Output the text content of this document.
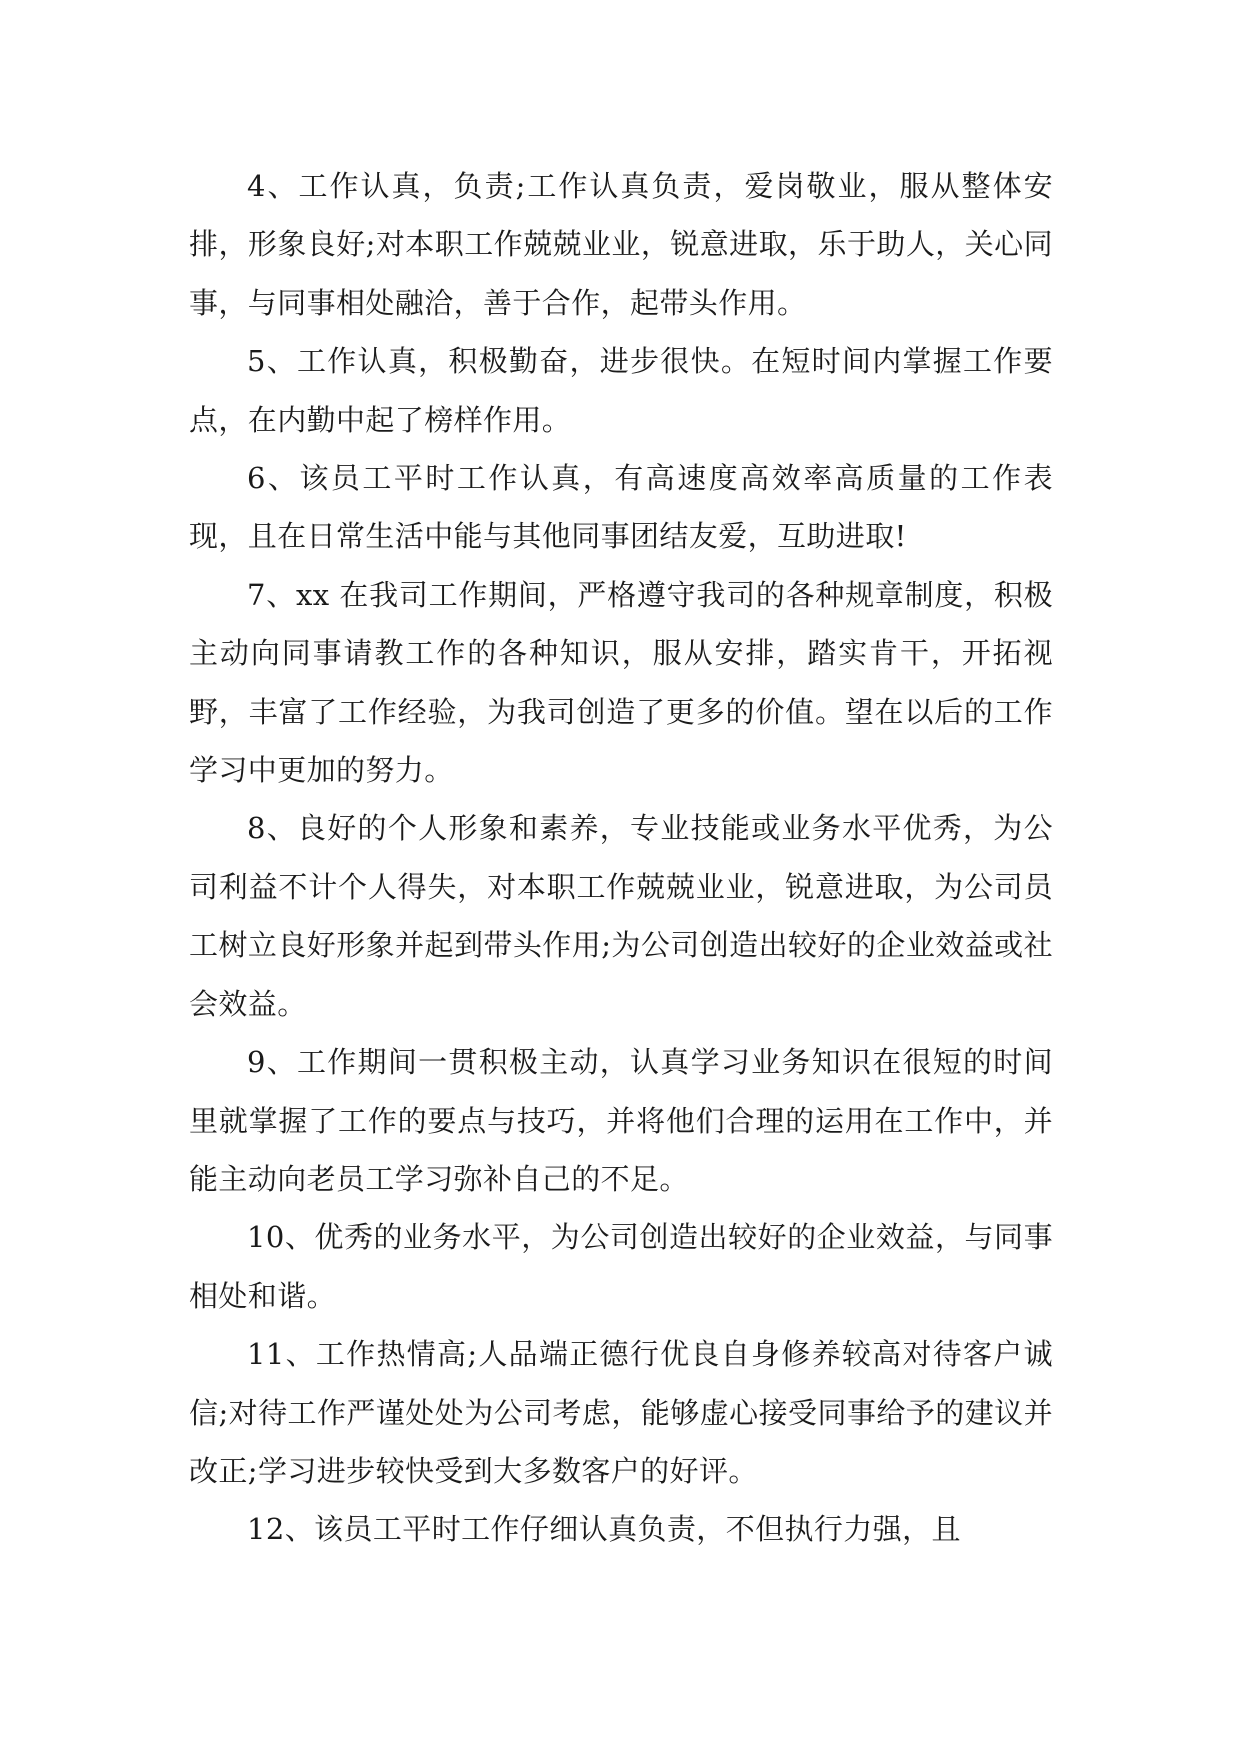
4、工作认真，负责;工作认真负责，爱岗敬业，服从整体安排，形象良好;对本职工作兢兢业业，锐意进取，乐于助人，关心同事，与同事相处融洽，善于合作，起带头作用。

5、工作认真，积极勤奋，进步很快。在短时间内掌握工作要点，在内勤中起了榜样作用。

6、该员工平时工作认真，有高速度高效率高质量的工作表现，且在日常生活中能与其他同事团结友爱，互助进取!

7、xx 在我司工作期间，严格遵守我司的各种规章制度，积极主动向同事请教工作的各种知识，服从安排，踏实肯干，开拓视野，丰富了工作经验，为我司创造了更多的价值。望在以后的工作学习中更加的努力。

8、良好的个人形象和素养，专业技能或业务水平优秀，为公司利益不计个人得失，对本职工作兢兢业业，锐意进取，为公司员工树立良好形象并起到带头作用;为公司创造出较好的企业效益或社会效益。

9、工作期间一贯积极主动，认真学习业务知识在很短的时间里就掌握了工作的要点与技巧，并将他们合理的运用在工作中，并能主动向老员工学习弥补自己的不足。

10、优秀的业务水平，为公司创造出较好的企业效益，与同事相处和谐。

11、工作热情高;人品端正德行优良自身修养较高对待客户诚信;对待工作严谨处处为公司考虑，能够虚心接受同事给予的建议并改正;学习进步较快受到大多数客户的好评。

12、该员工平时工作仔细认真负责，不但执行力强，且
